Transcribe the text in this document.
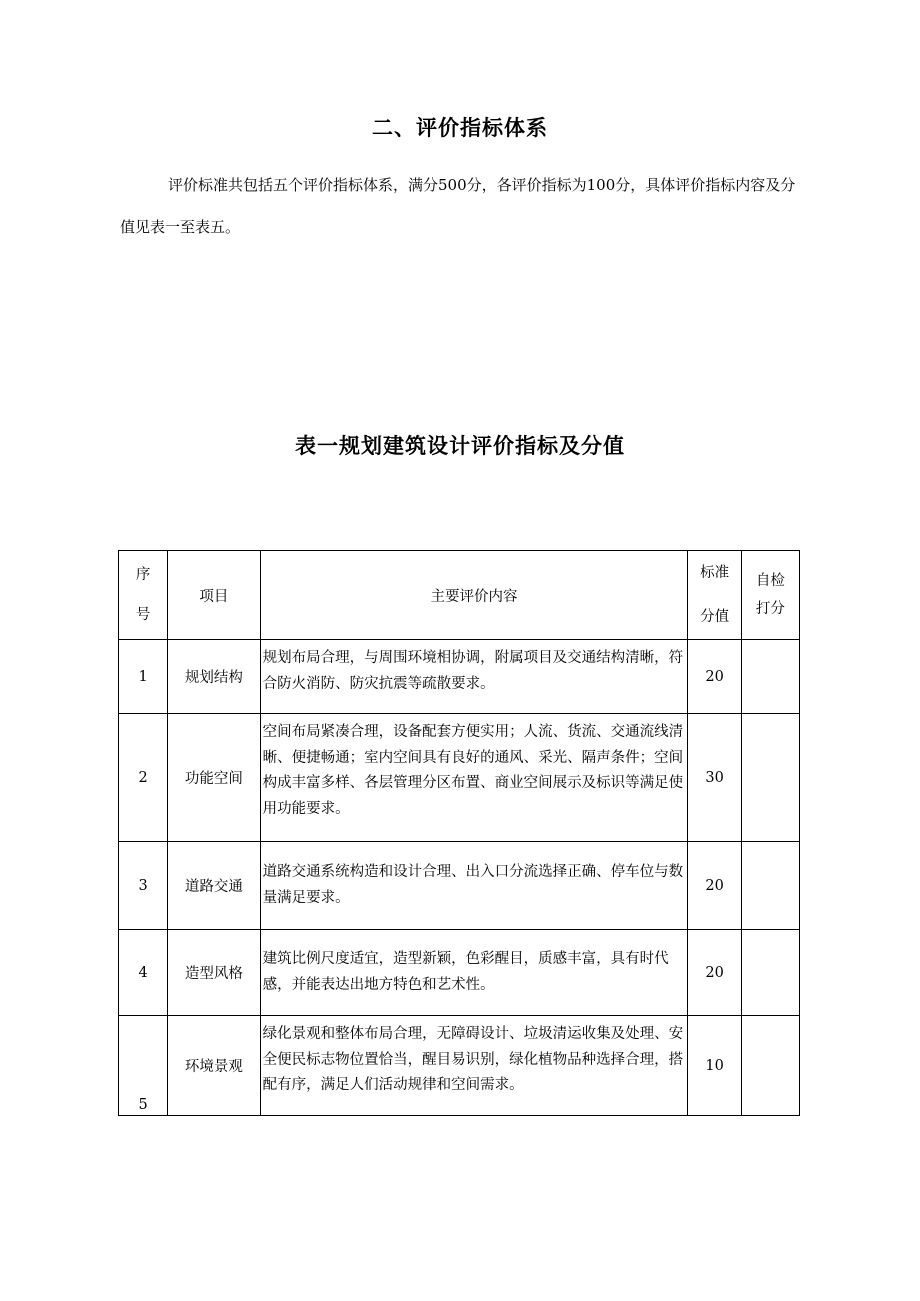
二、评价指标体系

评价标准共包括五个评价指标体系，满分500分，各评价指标为100分，具体评价指标内容及分值见表一至表五。

表一规划建筑设计评价指标及分值
序号	项目	主要评价内容	标准分值	自检打分

1	规划结构	规划布局合理，与周围环境相协调，附属项目及交通结构清晰，符合防火消防、防灾抗震等疏散要求。	20	
2	功能空间	空间布局紧凑合理，设备配套方便实用；人流、货流、交通流线清晰、便捷畅通；室内空间具有良好的通风、采光、隔声条件；空间构成丰富多样、各层管理分区布置、商业空间展示及标识等满足使用功能要求。	30	
3	道路交通	道路交通系统构造和设计合理、出入口分流选择正确、停车位与数量满足要求。	20	
4	造型风格	建筑比例尺度适宜，造型新颖，色彩醒目，质感丰富，具有时代感，并能表达出地方特色和艺术性。	20	
5	环境景观	绿化景观和整体布局合理，无障碍设计、垃圾清运收集及处理、安全便民标志物位置恰当，醒目易识别，绿化植物品种选择合理，搭配有序，满足人们活动规律和空间需求。	10	
